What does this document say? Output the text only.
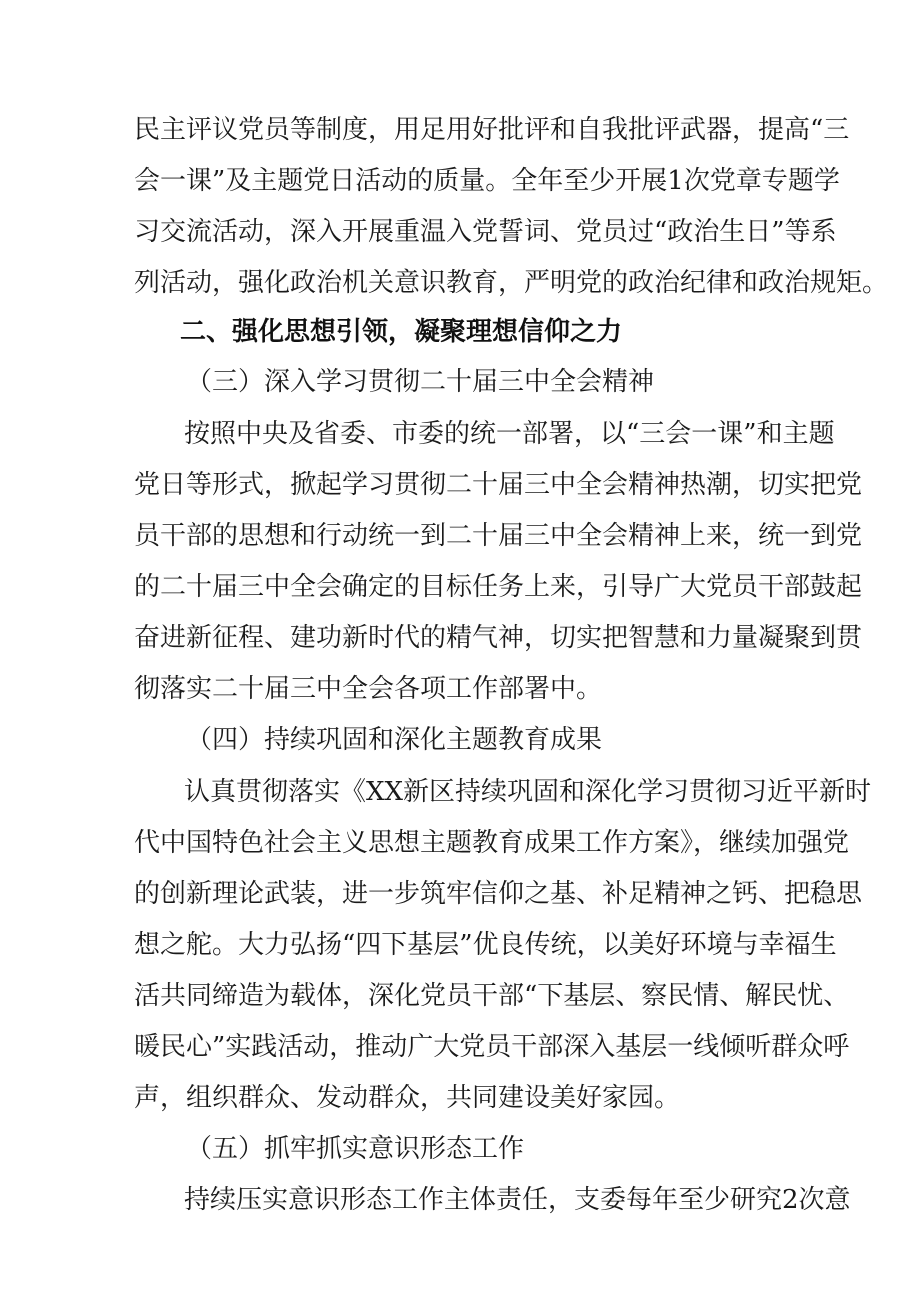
民主评议党员等制度，用足用好批评和自我批评武器，提高“三
会一课”及主题党日活动的质量。全年至少开展1次党章专题学
习交流活动，深入开展重温入党誓词、党员过“政治生日”等系
列活动，强化政治机关意识教育，严明党的政治纪律和政治规矩。
二、强化思想引领，凝聚理想信仰之力
（三）深入学习贯彻二十届三中全会精神
按照中央及省委、市委的统一部署，以“三会一课”和主题
党日等形式，掀起学习贯彻二十届三中全会精神热潮，切实把党
员干部的思想和行动统一到二十届三中全会精神上来，统一到党
的二十届三中全会确定的目标任务上来，引导广大党员干部鼓起
奋进新征程、建功新时代的精气神，切实把智慧和力量凝聚到贯
彻落实二十届三中全会各项工作部署中。
（四）持续巩固和深化主题教育成果
认真贯彻落实《XX新区持续巩固和深化学习贯彻习近平新时
代中国特色社会主义思想主题教育成果工作方案》，继续加强党
的创新理论武装，进一步筑牢信仰之基、补足精神之钙、把稳思
想之舵。大力弘扬“四下基层”优良传统，以美好环境与幸福生
活共同缔造为载体，深化党员干部“下基层、察民情、解民忧、
暖民心”实践活动，推动广大党员干部深入基层一线倾听群众呼
声，组织群众、发动群众，共同建设美好家园。
（五）抓牢抓实意识形态工作
持续压实意识形态工作主体责任，支委每年至少研究2次意
